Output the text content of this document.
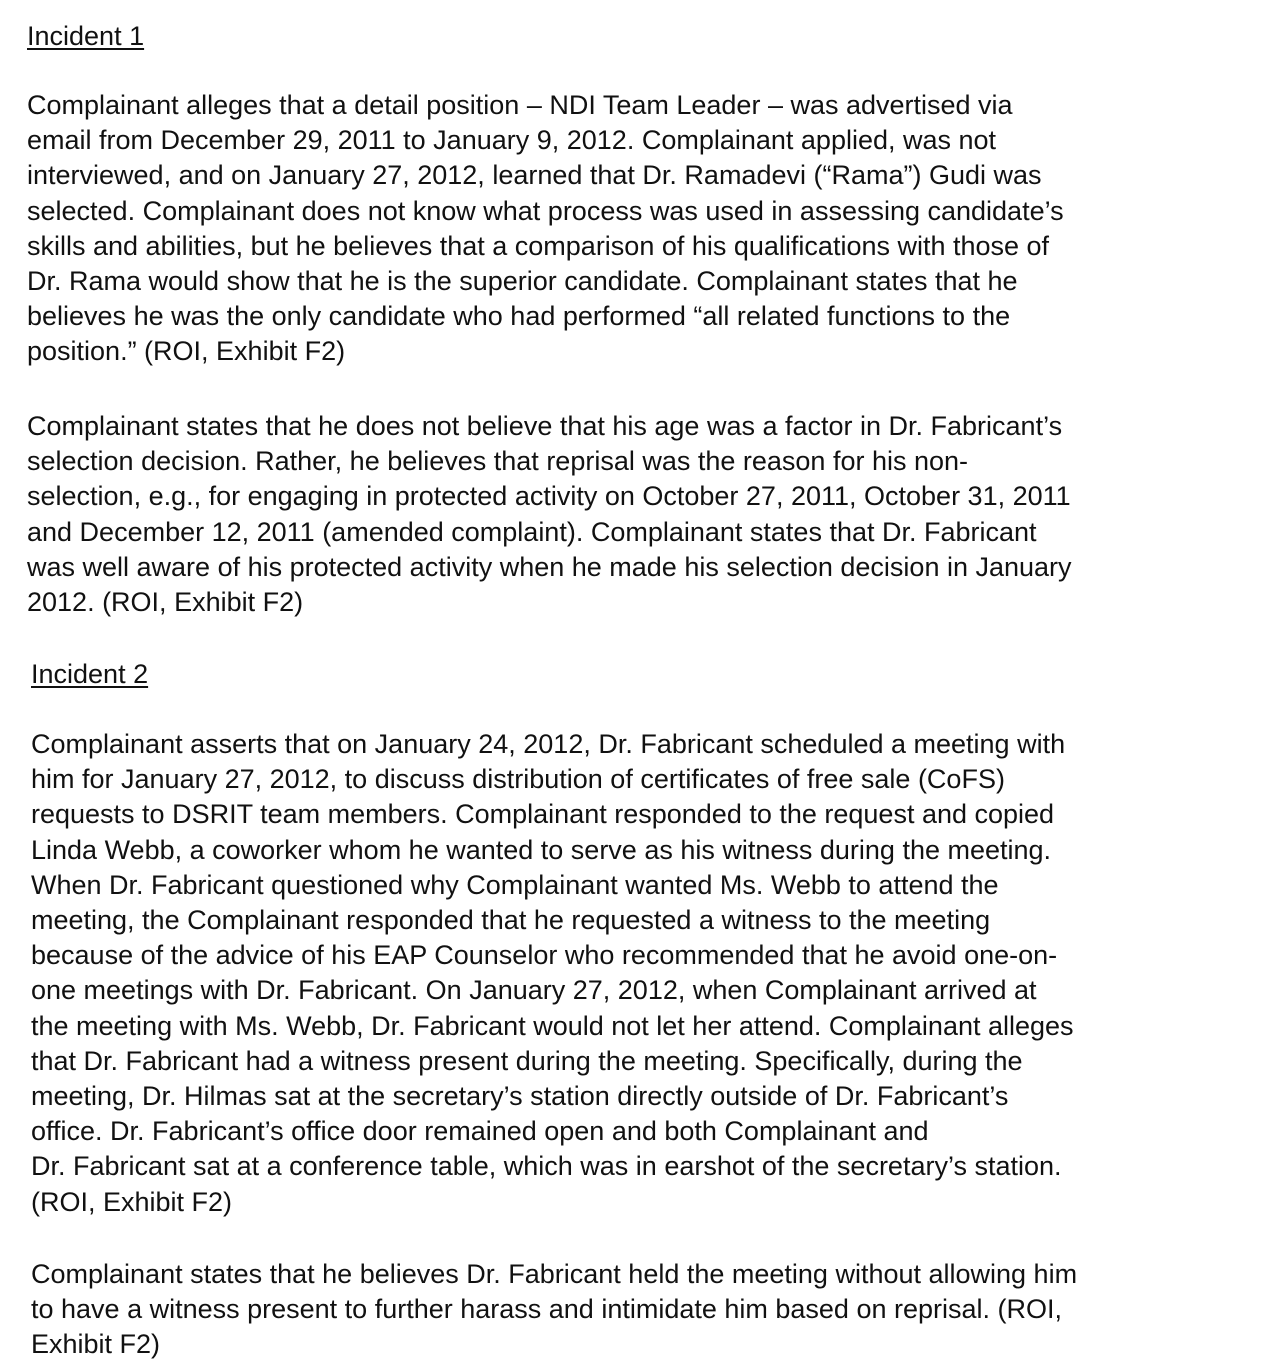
Incident 1
Complainant alleges that a detail position – NDI Team Leader – was advertised via
email from December 29, 2011 to January 9, 2012. Complainant applied, was not
interviewed, and on January 27, 2012, learned that Dr. Ramadevi (“Rama”) Gudi was
selected. Complainant does not know what process was used in assessing candidate’s
skills and abilities, but he believes that a comparison of his qualifications with those of
Dr. Rama would show that he is the superior candidate. Complainant states that he
believes he was the only candidate who had performed “all related functions to the
position.” (ROI, Exhibit F2)
Complainant states that he does not believe that his age was a factor in Dr. Fabricant’s
selection decision. Rather, he believes that reprisal was the reason for his non-
selection, e.g., for engaging in protected activity on October 27, 2011, October 31, 2011
and December 12, 2011 (amended complaint). Complainant states that Dr. Fabricant
was well aware of his protected activity when he made his selection decision in January
2012. (ROI, Exhibit F2)
Incident 2
Complainant asserts that on January 24, 2012, Dr. Fabricant scheduled a meeting with
him for January 27, 2012, to discuss distribution of certificates of free sale (CoFS)
requests to DSRIT team members. Complainant responded to the request and copied
Linda Webb, a coworker whom he wanted to serve as his witness during the meeting.
When Dr. Fabricant questioned why Complainant wanted Ms. Webb to attend the
meeting, the Complainant responded that he requested a witness to the meeting
because of the advice of his EAP Counselor who recommended that he avoid one-on-
one meetings with Dr. Fabricant. On January 27, 2012, when Complainant arrived at
the meeting with Ms. Webb, Dr. Fabricant would not let her attend. Complainant alleges
that Dr. Fabricant had a witness present during the meeting. Specifically, during the
meeting, Dr. Hilmas sat at the secretary’s station directly outside of Dr. Fabricant’s
office. Dr. Fabricant’s office door remained open and both Complainant and
Dr. Fabricant sat at a conference table, which was in earshot of the secretary’s station.
(ROI, Exhibit F2)
Complainant states that he believes Dr. Fabricant held the meeting without allowing him
to have a witness present to further harass and intimidate him based on reprisal. (ROI,
Exhibit F2)
